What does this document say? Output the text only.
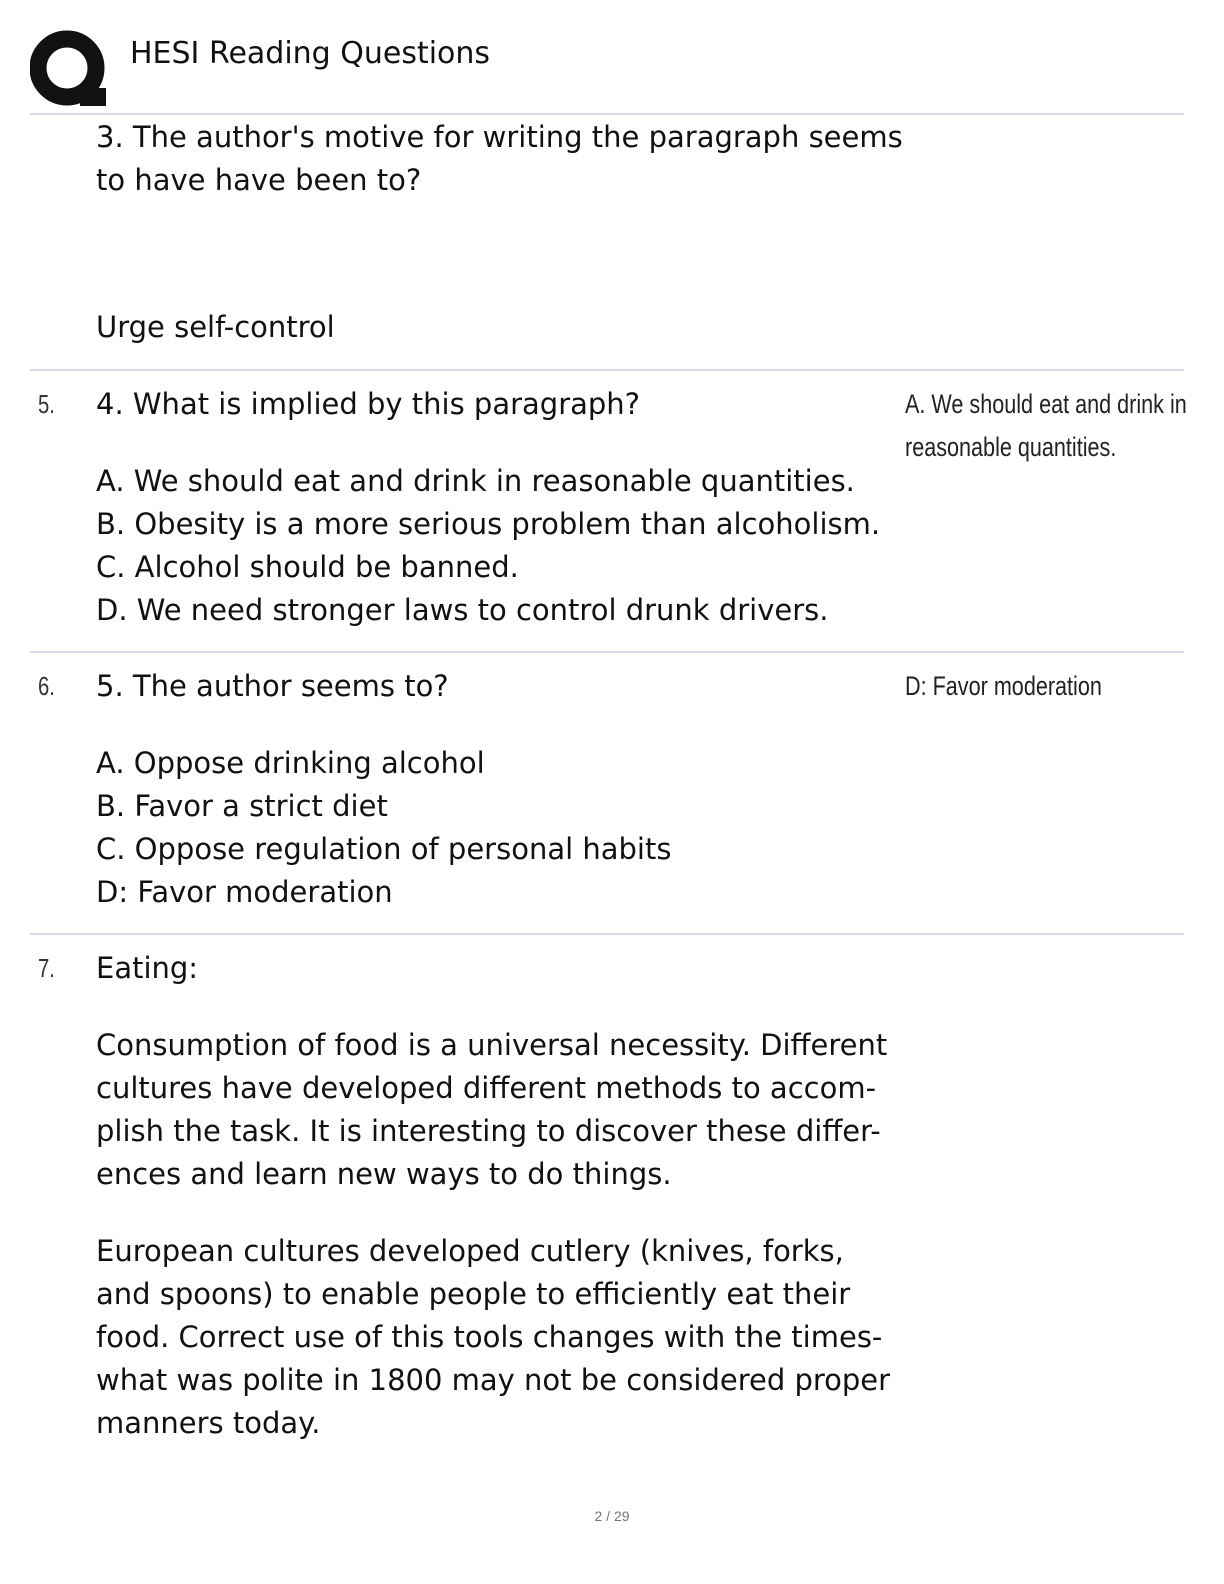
HESI Reading Questions

3. The author's motive for writing the paragraph seems to have have been to?

Urge self-control

5. 4. What is implied by this paragraph?

A. We should eat and drink in reasonable quantities.

B. Obesity is a more serious problem than alcoholism.

C. Alcohol should be banned.

D. We need stronger laws to control drunk drivers.

A. We should eat and drink in reasonable quantities.
6. 5. The author seems to?

A. Oppose drinking alcohol

B. Favor a strict diet

C. Oppose regulation of personal habits

D: Favor moderation

D: Favor moderation
7. Eating:

Consumption of food is a universal necessity. Different cultures have developed different methods to accom-plish the task. It is interesting to discover these differ-ences and learn new ways to do things.

European cultures developed cutlery (knives, forks, and spoons) to enable people to efficiently eat their food. Correct use of this tools changes with the times-what was polite in 1800 may not be considered proper manners today.

2 / 29
